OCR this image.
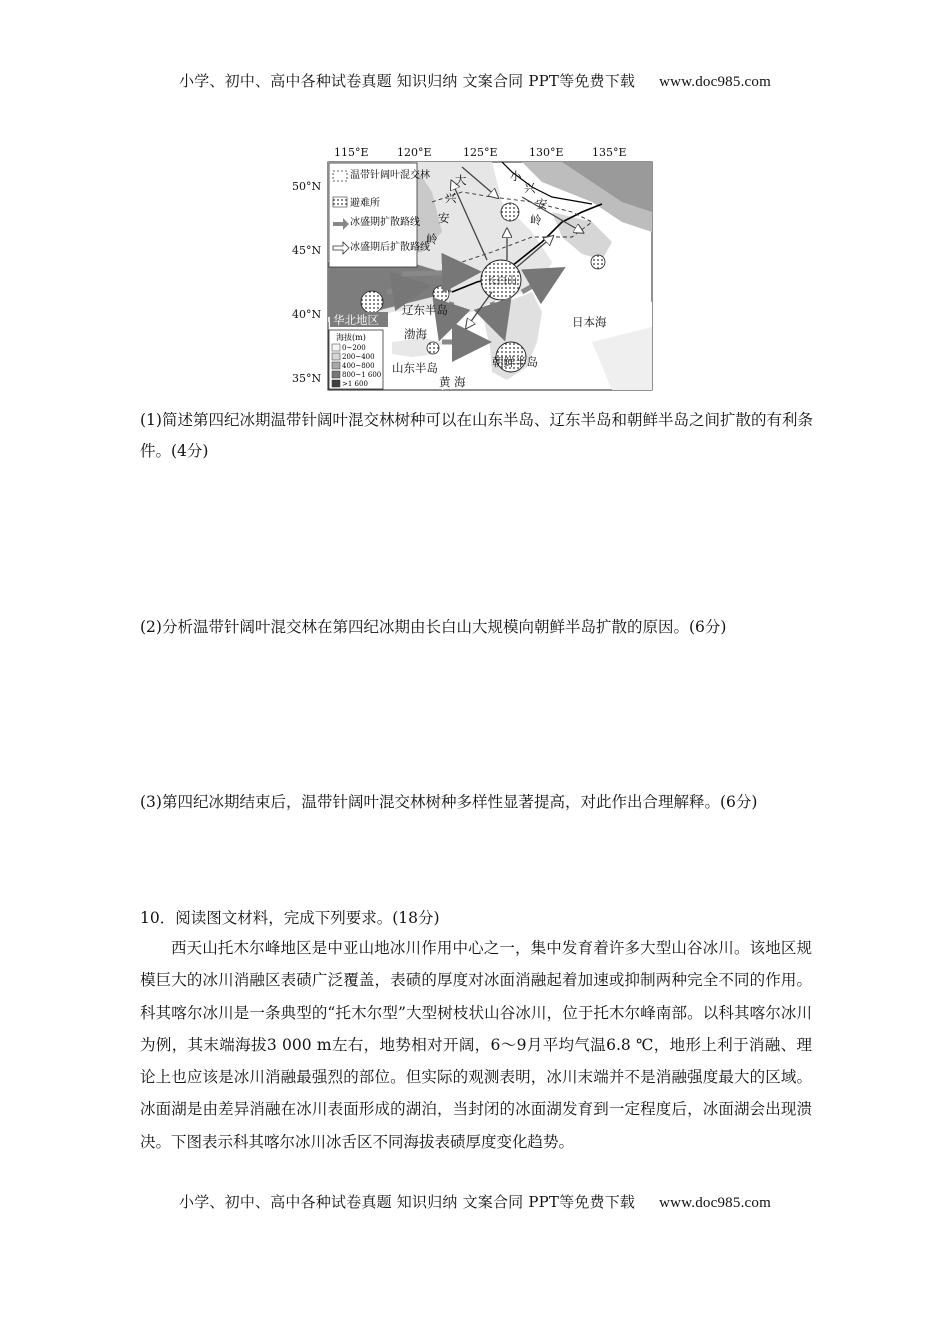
小学、初中、高中各种试卷真题 知识归纳 文案合同 PPT等免费下载 www.doc985.com
115°E	120°E	125°E	130°E	135°E
50°N
45°N
40°N
35°N
大
兴
安
岭
小
兴
安
岭
长白山
辽东半岛
渤海
山东半岛
黄 海
朝鲜半岛
日本海
华北地区
温带针阔叶混交林
避难所
冰盛期扩散路线
冰盛期后扩散路线
海拔(m)
0~200
200~400
400~800
800~1 600
>1 600
(1)简述第四纪冰期温带针阔叶混交林树种可以在山东半岛、辽东半岛和朝鲜半岛之间扩散的有利条件。(4分)
(2)分析温带针阔叶混交林在第四纪冰期由长白山大规模向朝鲜半岛扩散的原因。(6分)
(3)第四纪冰期结束后，温带针阔叶混交林树种多样性显著提高，对此作出合理解释。(6分)
10．阅读图文材料，完成下列要求。(18分)
西天山托木尔峰地区是中亚山地冰川作用中心之一，集中发育着许多大型山谷冰川。该地区规模巨大的冰川消融区表碛广泛覆盖，表碛的厚度对冰面消融起着加速或抑制两种完全不同的作用。科其喀尔冰川是一条典型的“托木尔型”大型树枝状山谷冰川，位于托木尔峰南部。以科其喀尔冰川为例，其末端海拔3 000 m左右，地势相对开阔，6～9月平均气温6.8 ℃，地形上利于消融、理论上也应该是冰川消融最强烈的部位。但实际的观测表明，冰川末端并不是消融强度最大的区域。冰面湖是由差异消融在冰川表面形成的湖泊，当封闭的冰面湖发育到一定程度后，冰面湖会出现溃决。下图表示科其喀尔冰川冰舌区不同海拔表碛厚度变化趋势。
小学、初中、高中各种试卷真题 知识归纳 文案合同 PPT等免费下载 www.doc985.com
